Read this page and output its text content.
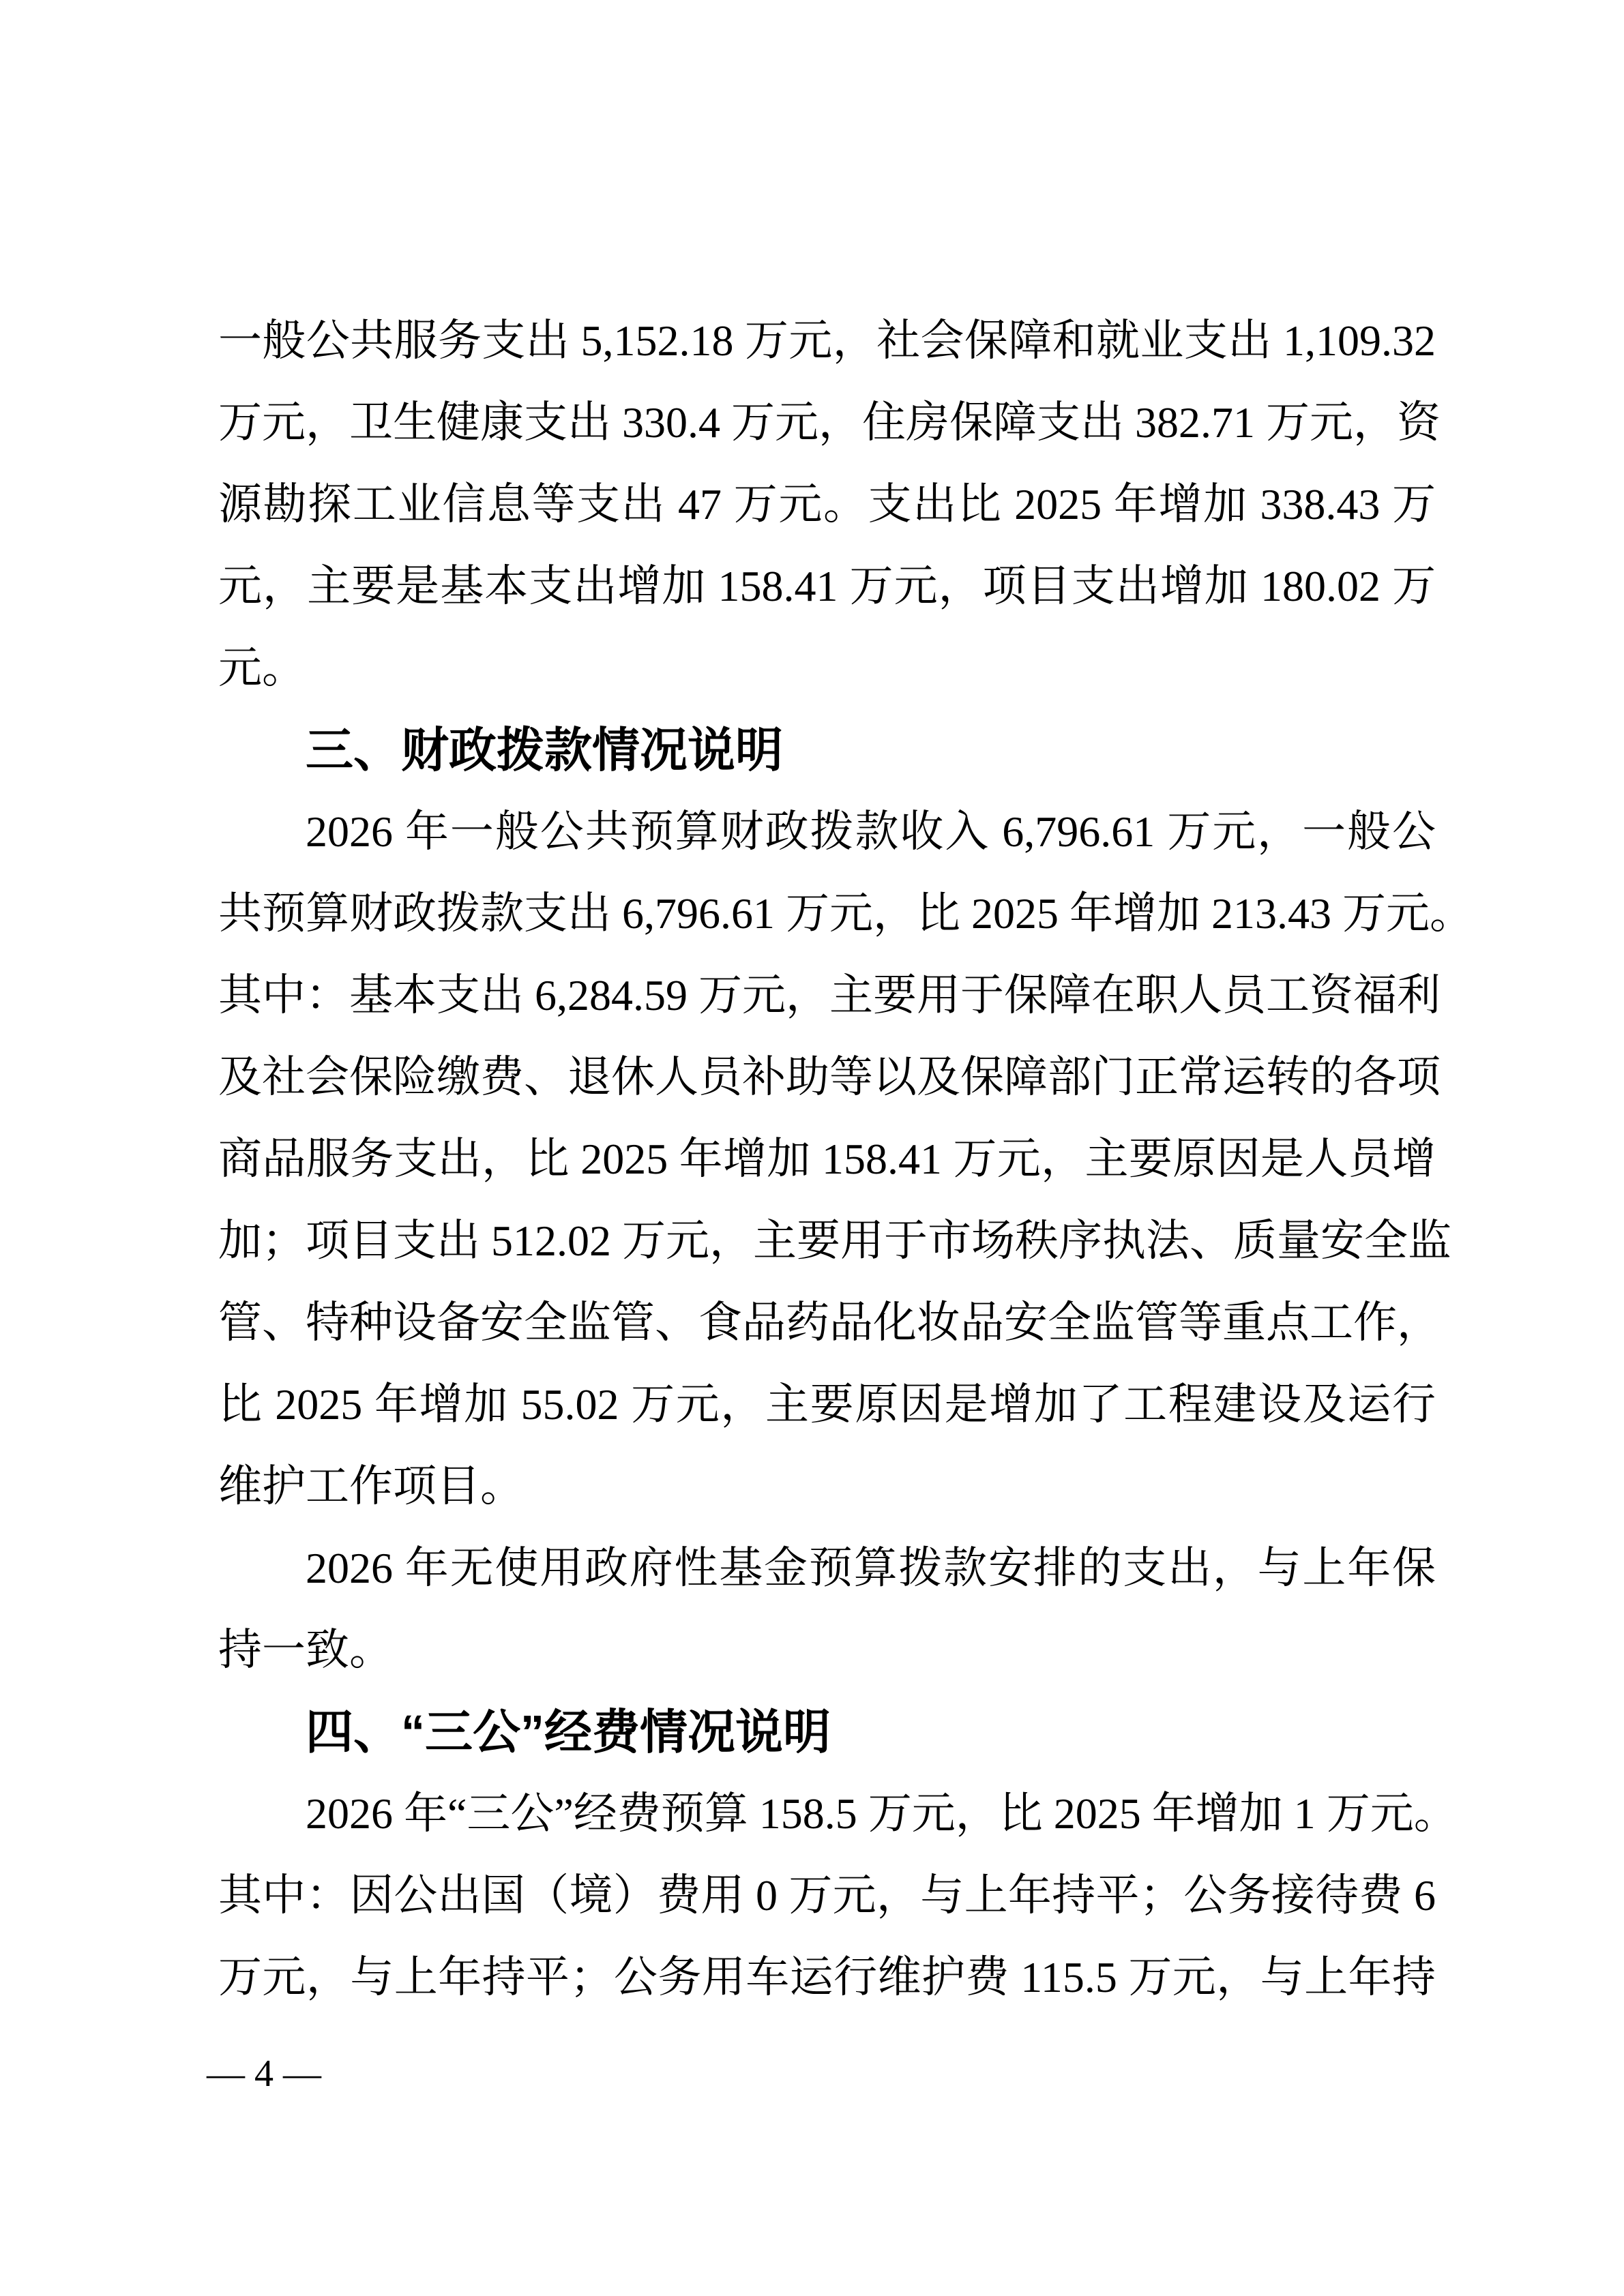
一般公共服务支出 5,152.18 万元，社会保障和就业支出 1,109.32
万元，卫生健康支出 330.4 万元，住房保障支出 382.71 万元，资
源勘探工业信息等支出 47 万元。支出比 2025 年增加 338.43 万
元，主要是基本支出增加 158.41 万元，项目支出增加 180.02 万
元。
三、财政拨款情况说明
2026 年一般公共预算财政拨款收入 6,796.61 万元，一般公
共预算财政拨款支出 6,796.61 万元，比 2025 年增加 213.43 万元。
其中：基本支出 6,284.59 万元，主要用于保障在职人员工资福利
及社会保险缴费、退休人员补助等以及保障部门正常运转的各项
商品服务支出，比 2025 年增加 158.41 万元，主要原因是人员增
加；项目支出 512.02 万元，主要用于市场秩序执法、质量安全监
管、特种设备安全监管、食品药品化妆品安全监管等重点工作，
比 2025 年增加 55.02 万元，主要原因是增加了工程建设及运行
维护工作项目。
2026 年无使用政府性基金预算拨款安排的支出，与上年保
持一致。
四、“三公”经费情况说明
2026 年“三公”经费预算 158.5 万元，比 2025 年增加 1 万元。
其中：因公出国（境）费用 0 万元，与上年持平；公务接待费 6
万元，与上年持平；公务用车运行维护费 115.5 万元，与上年持
— 4 —
